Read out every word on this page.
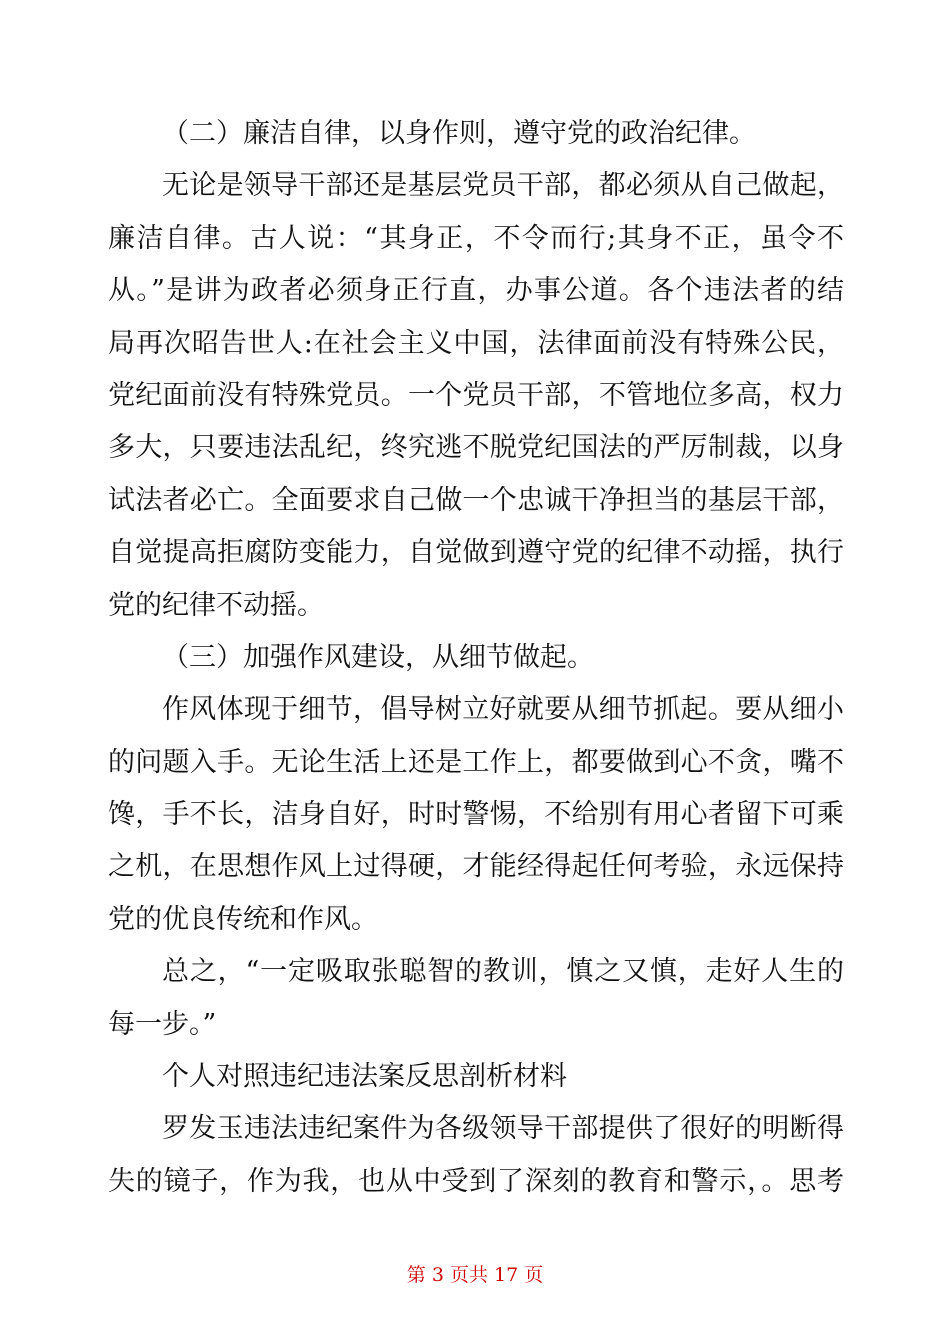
（二）廉洁自律，以身作则，遵守党的政治纪律。
无论是领导干部还是基层党员干部，都必须从自己做起，
廉洁自律。古人说：“其身正，不令而行;其身不正，虽令不
从。”是讲为政者必须身正行直，办事公道。各个违法者的结
局再次昭告世人:在社会主义中国，法律面前没有特殊公民，
党纪面前没有特殊党员。一个党员干部，不管地位多高，权力
多大，只要违法乱纪，终究逃不脱党纪国法的严厉制裁，以身
试法者必亡。全面要求自己做一个忠诚干净担当的基层干部，
自觉提高拒腐防变能力，自觉做到遵守党的纪律不动摇，执行
党的纪律不动摇。
（三）加强作风建设，从细节做起。
作风体现于细节，倡导树立好就要从细节抓起。要从细小
的问题入手。无论生活上还是工作上，都要做到心不贪，嘴不
馋，手不长，洁身自好，时时警惕，不给别有用心者留下可乘
之机，在思想作风上过得硬，才能经得起任何考验，永远保持
党的优良传统和作风。
总之，“一定吸取张聪智的教训，慎之又慎，走好人生的
每一步。”
个人对照违纪违法案反思剖析材料
罗发玉违法违纪案件为各级领导干部提供了很好的明断得
失的镜子，作为我，也从中受到了深刻的教育和警示，。思考
第 3 页共 17 页
